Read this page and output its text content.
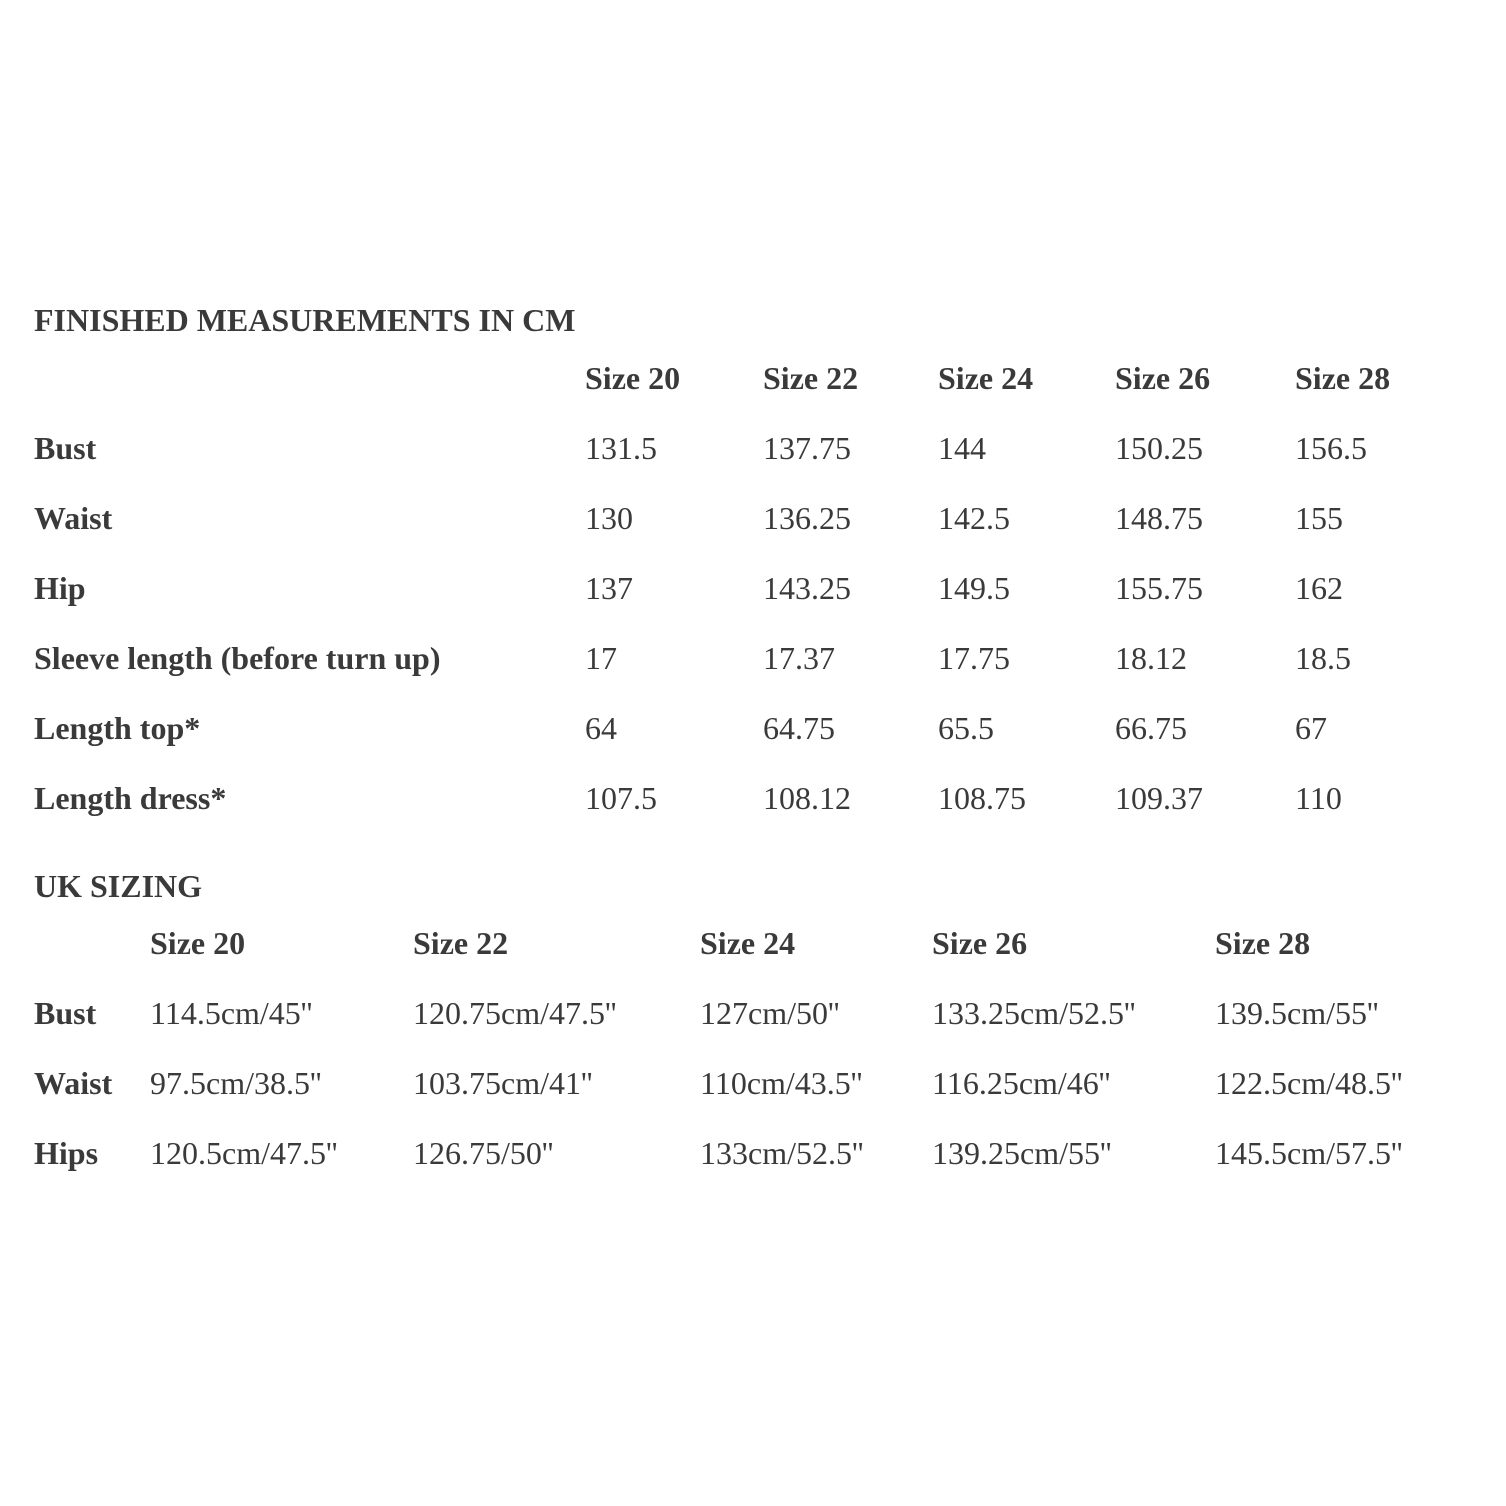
FINISHED MEASUREMENTS IN CM
	Size 20	Size 22	Size 24	Size 26	Size 28
Bust	131.5	137.75	144	150.25	156.5
Waist	130	136.25	142.5	148.75	155
Hip	137	143.25	149.5	155.75	162
Sleeve length (before turn up)	17	17.37	17.75	18.12	18.5
Length top*	64	64.75	65.5	66.75	67
Length dress*	107.5	108.12	108.75	109.37	110
UK SIZING
	Size 20	Size 22	Size 24	Size 26	Size 28
Bust	114.5cm/45''	120.75cm/47.5''	127cm/50''	133.25cm/52.5''	139.5cm/55''
Waist	97.5cm/38.5''	103.75cm/41''	110cm/43.5''	116.25cm/46''	122.5cm/48.5''
Hips	120.5cm/47.5''	126.75/50''	133cm/52.5''	139.25cm/55''	145.5cm/57.5''
